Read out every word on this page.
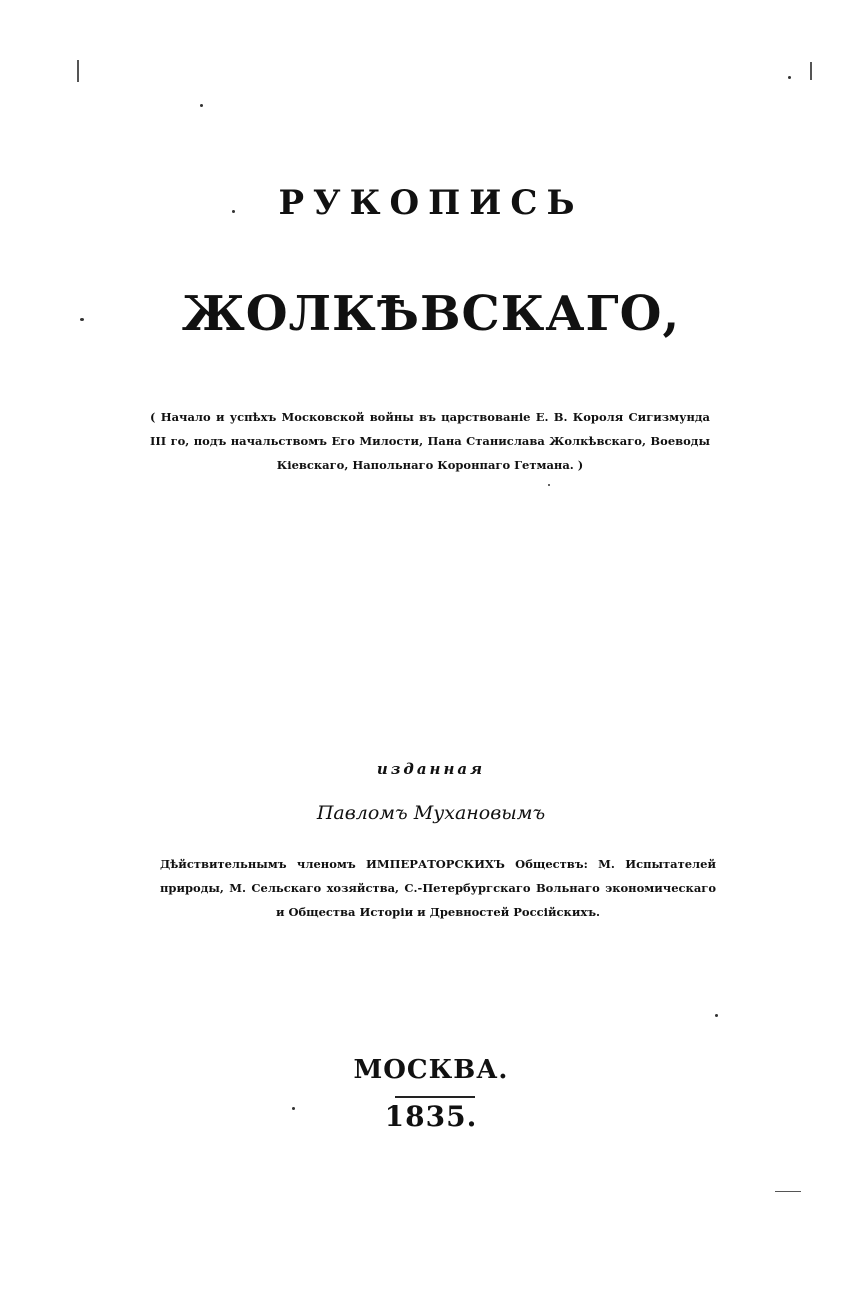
РУКОПИСЬ
ЖОЛКѢВСКАГО,
( Начало и успѣхъ Московской войны въ царствованіе Е. В. Короля Сигизмунда III го, подъ начальствомъ Его Милости, Пана Станислава Жолкѣвскаго, Воеводы Кіевскаго, Напольнаго Коронпаго Гетмана. )
изданная
Павломъ Мухановымъ
Дѣйствительнымъ членомъ ИМПЕРАТОРСКИХЪ Обществъ: М. Испытателей природы, М. Сельскаго хозяйства, С.-Петербургскаго Вольнаго экономическаго и Общества Исторіи и Древностей Россійскихъ.
МОСКВА.
1835.
